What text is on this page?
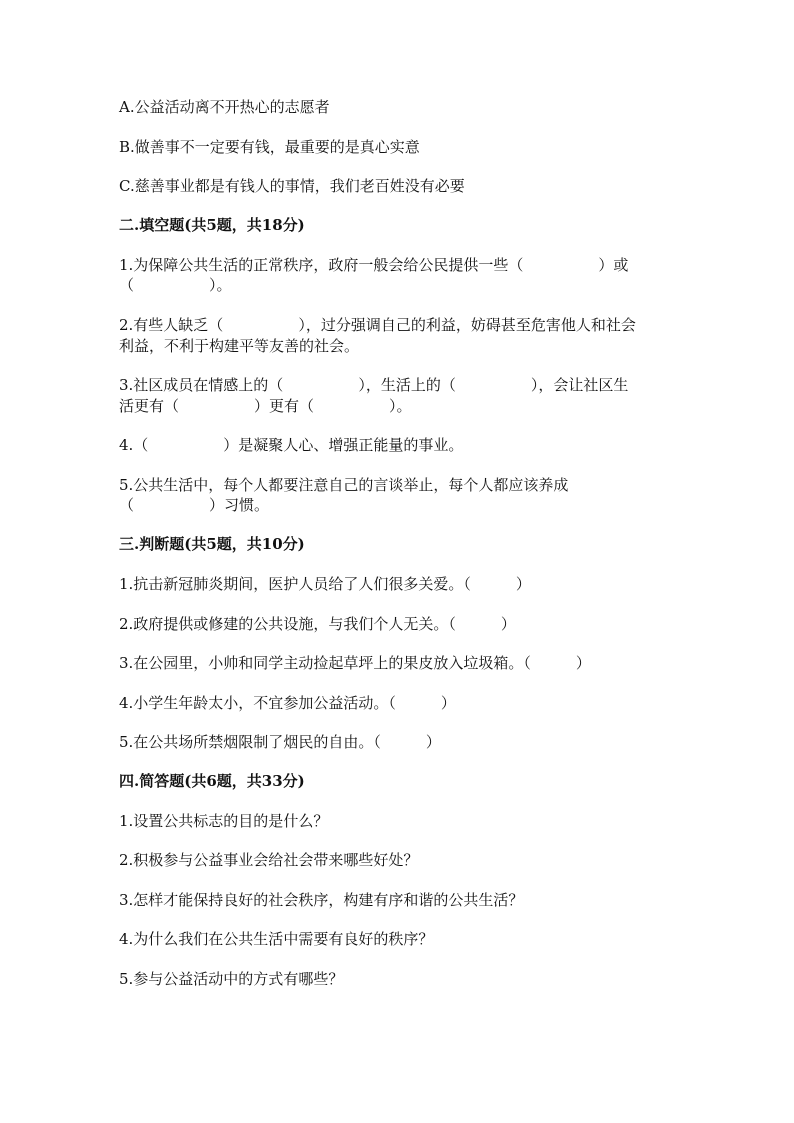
A.公益活动离不开热心的志愿者
B.做善事不一定要有钱，最重要的是真心实意
C.慈善事业都是有钱人的事情，我们老百姓没有必要
二.填空题(共5题，共18分)
1.为保障公共生活的正常秩序，政府一般会给公民提供一些（　　　　　）或
（　　　　　）。
2.有些人缺乏（　　　　　），过分强调自己的利益，妨碍甚至危害他人和社会
利益，不利于构建平等友善的社会。
3.社区成员在情感上的（　　　　　），生活上的（　　　　　），会让社区生
活更有（　　　　　）更有（　　　　　）。
4.（　　　　　）是凝聚人心、增强正能量的事业。
5.公共生活中，每个人都要注意自己的言谈举止，每个人都应该养成
（　　　　　）习惯。
三.判断题(共5题，共10分)
1.抗击新冠肺炎期间，医护人员给了人们很多关爱。（　　　）
2.政府提供或修建的公共设施，与我们个人无关。（　　　）
3.在公园里，小帅和同学主动捡起草坪上的果皮放入垃圾箱。（　　　）
4.小学生年龄太小，不宜参加公益活动。（　　　）
5.在公共场所禁烟限制了烟民的自由。（　　　）
四.简答题(共6题，共33分)
1.设置公共标志的目的是什么？
2.积极参与公益事业会给社会带来哪些好处？
3.怎样才能保持良好的社会秩序，构建有序和谐的公共生活？
4.为什么我们在公共生活中需要有良好的秩序？
5.参与公益活动中的方式有哪些？
